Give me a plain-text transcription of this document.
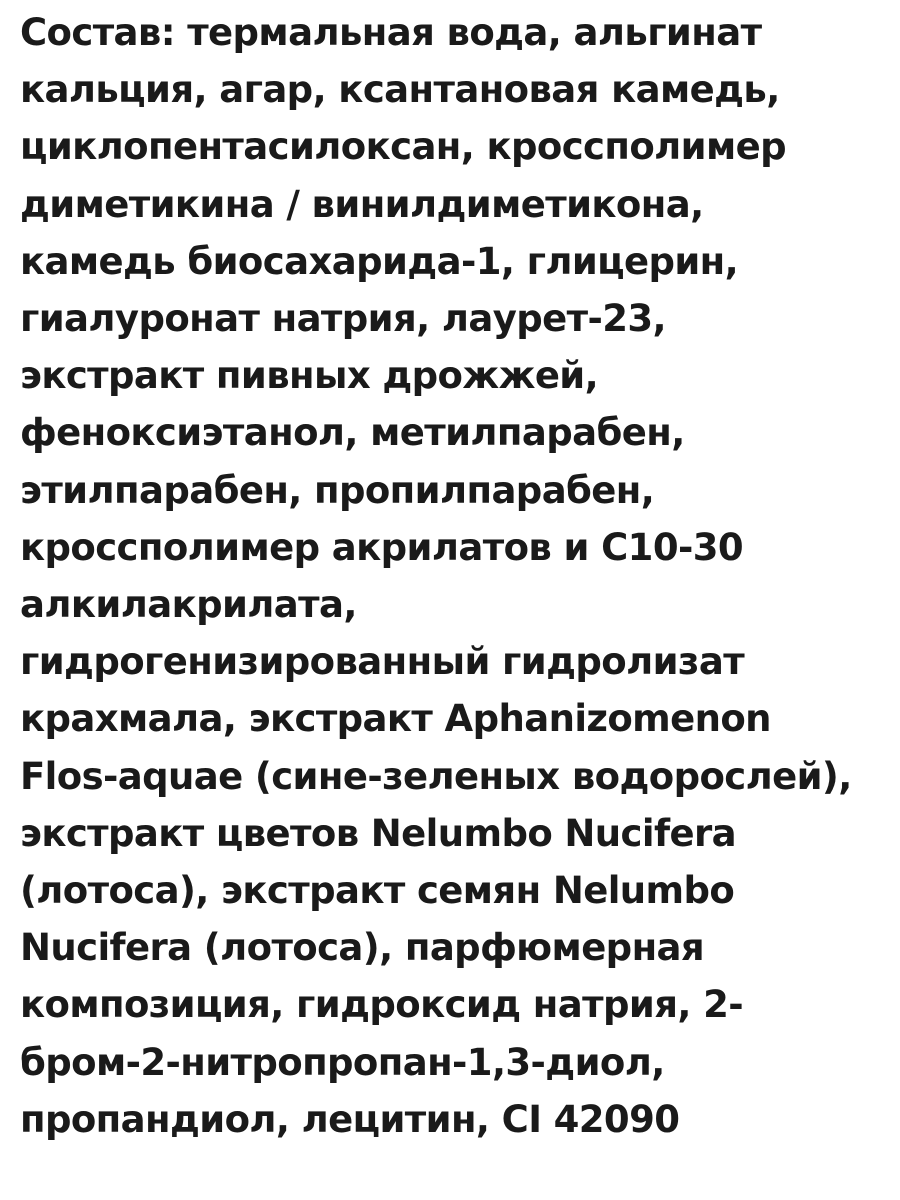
Состав: термальная вода, альгинат
кальция, агар, ксантановая камедь,
циклопентасилоксан, кроссполимер
диметикина / винилдиметикона,
камедь биосахарида-1, глицерин,
гиалуронат натрия, лаурет-23,
экстракт пивных дрожжей,
феноксиэтанол, метилпарабен,
этилпарабен, пропилпарабен,
кроссполимер акрилатов и С10-30
алкилакрилата,
гидрогенизированный гидролизат
крахмала, экстракт Aphanizomenon
Flos-aquae (сине-зеленых водорослей),
экстракт цветов Nelumbo Nucifera
(лотоса), экстракт семян Nelumbo
Nucifera (лотоса), парфюмерная
композиция, гидроксид натрия, 2-
бром-2-нитропропан-1,3-диол,
пропандиол, лецитин, CI 42090
